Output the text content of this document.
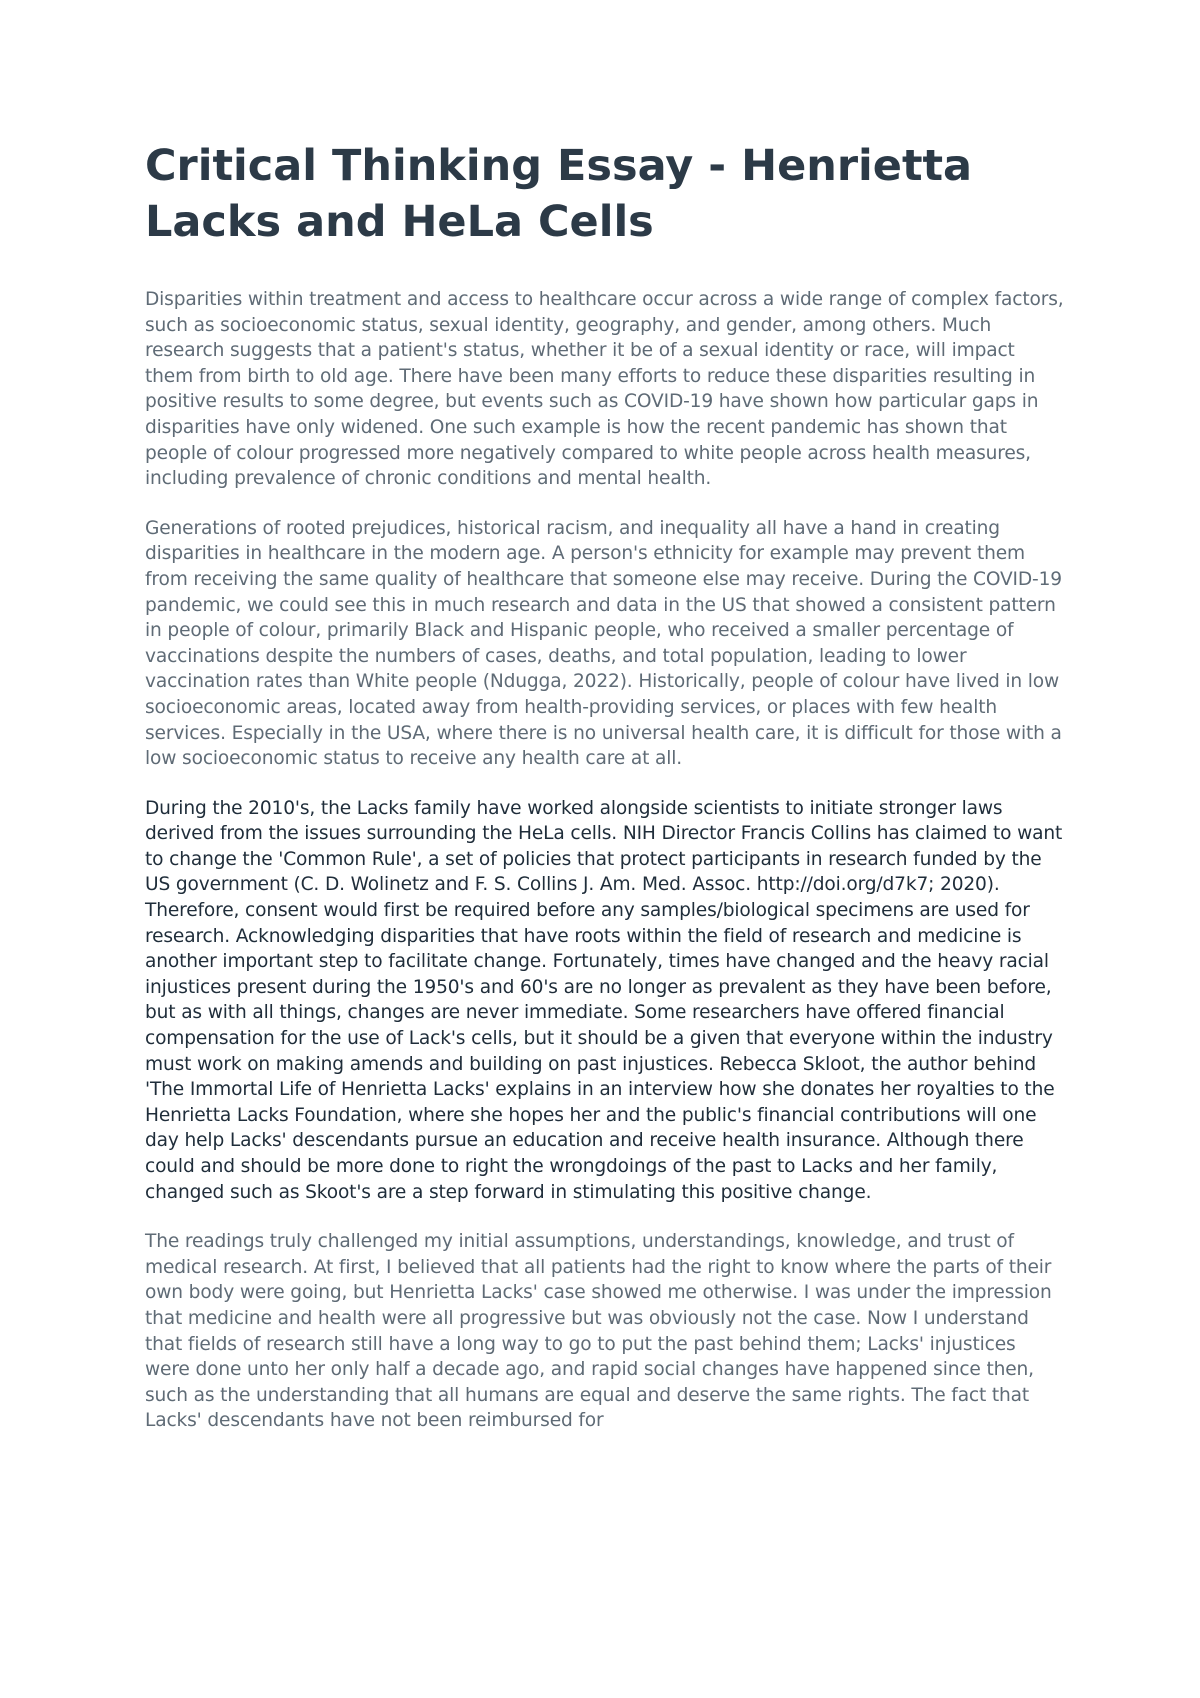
Critical Thinking Essay - Henrietta Lacks and HeLa Cells

Disparities within treatment and access to healthcare occur across a wide range of complex factors, such as socioeconomic status, sexual identity, geography, and gender, among others. Much research suggests that a patient's status, whether it be of a sexual identity or race, will impact them from birth to old age. There have been many efforts to reduce these disparities resulting in positive results to some degree, but events such as COVID-19 have shown how particular gaps in disparities have only widened. One such example is how the recent pandemic has shown that people of colour progressed more negatively compared to white people across health measures, including prevalence of chronic conditions and mental health.

Generations of rooted prejudices, historical racism, and inequality all have a hand in creating disparities in healthcare in the modern age. A person's ethnicity for example may prevent them from receiving the same quality of healthcare that someone else may receive. During the COVID-19 pandemic, we could see this in much research and data in the US that showed a consistent pattern in people of colour, primarily Black and Hispanic people, who received a smaller percentage of vaccinations despite the numbers of cases, deaths, and total population, leading to lower vaccination rates than White people (Ndugga, 2022). Historically, people of colour have lived in low socioeconomic areas, located away from health-providing services, or places with few health services. Especially in the USA, where there is no universal health care, it is difficult for those with a low socioeconomic status to receive any health care at all.

During the 2010's, the Lacks family have worked alongside scientists to initiate stronger laws derived from the issues surrounding the HeLa cells. NIH Director Francis Collins has claimed to want to change the 'Common Rule', a set of policies that protect participants in research funded by the US government (C. D. Wolinetz and F. S. Collins J. Am. Med. Assoc. http://doi.org/d7k7; 2020). Therefore, consent would first be required before any samples/biological specimens are used for research. Acknowledging disparities that have roots within the field of research and medicine is another important step to facilitate change. Fortunately, times have changed and the heavy racial injustices present during the 1950's and 60's are no longer as prevalent as they have been before, but as with all things, changes are never immediate. Some researchers have offered financial compensation for the use of Lack's cells, but it should be a given that everyone within the industry must work on making amends and building on past injustices. Rebecca Skloot, the author behind 'The Immortal Life of Henrietta Lacks' explains in an interview how she donates her royalties to the Henrietta Lacks Foundation, where she hopes her and the public's financial contributions will one day help Lacks' descendants pursue an education and receive health insurance. Although there could and should be more done to right the wrongdoings of the past to Lacks and her family, changed such as Skoot's are a step forward in stimulating this positive change.

The readings truly challenged my initial assumptions, understandings, knowledge, and trust of medical research. At first, I believed that all patients had the right to know where the parts of their own body were going, but Henrietta Lacks' case showed me otherwise. I was under the impression that medicine and health were all progressive but was obviously not the case. Now I understand that fields of research still have a long way to go to put the past behind them; Lacks' injustices were done unto her only half a decade ago, and rapid social changes have happened since then, such as the understanding that all humans are equal and deserve the same rights. The fact that Lacks' descendants have not been reimbursed for
